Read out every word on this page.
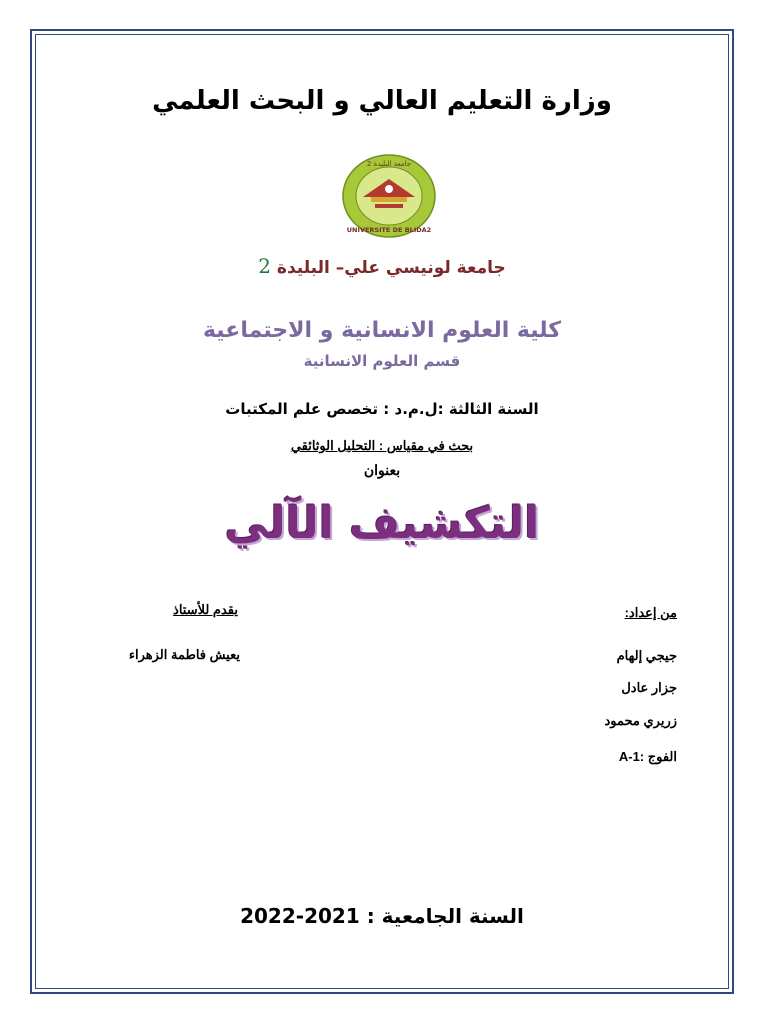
وزارة التعليم العالي و البحث العلمي
جامعة البليدة 2
UNIVERSITE DE BLIDA2
جامعة لونيسي علي– البليدة 2
كلية العلوم الانسانية و الاجتماعية
قسم العلوم الانسانية
السنة الثالثة :ل.م.د : تخصص علم المكتبات
بحث في مقياس : التحليل الوثائقي
بعنوان
التكشيف الآلي
من إعداد:
جيجي إلهام
جزار عادل
زريري محمود
الفوج :1-A
يقدم للأستاذ
يعيش فاطمة الزهراء
السنة الجامعية : 2021-2022
